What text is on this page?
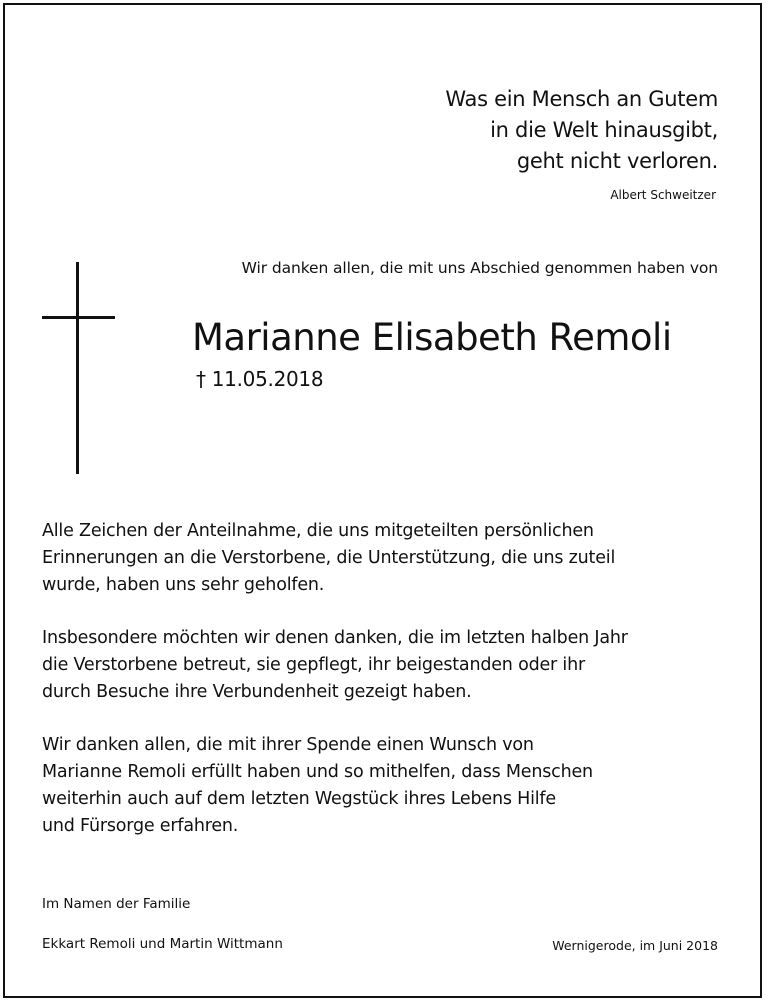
Was ein Mensch an Gutem
in die Welt hinausgibt,
geht nicht verloren.
Albert Schweitzer
Wir danken allen, die mit uns Abschied genommen haben von
Marianne Elisabeth Remoli
† 11.05.2018

Alle Zeichen der Anteilnahme, die uns mitgeteilten persönlichen
Erinnerungen an die Verstorbene, die Unterstützung, die uns zuteil
wurde, haben uns sehr geholfen.

Insbesondere möchten wir denen danken, die im letzten halben Jahr
die Verstorbene betreut, sie gepflegt, ihr beigestanden oder ihr
durch Besuche ihre Verbundenheit gezeigt haben.

Wir danken allen, die mit ihrer Spende einen Wunsch von
Marianne Remoli erfüllt haben und so mithelfen, dass Menschen
weiterhin auch auf dem letzten Wegstück ihres Lebens Hilfe
und Fürsorge erfahren.

Im Namen der Familie
Ekkart Remoli und Martin Wittmann	Wernigerode, im Juni 2018
